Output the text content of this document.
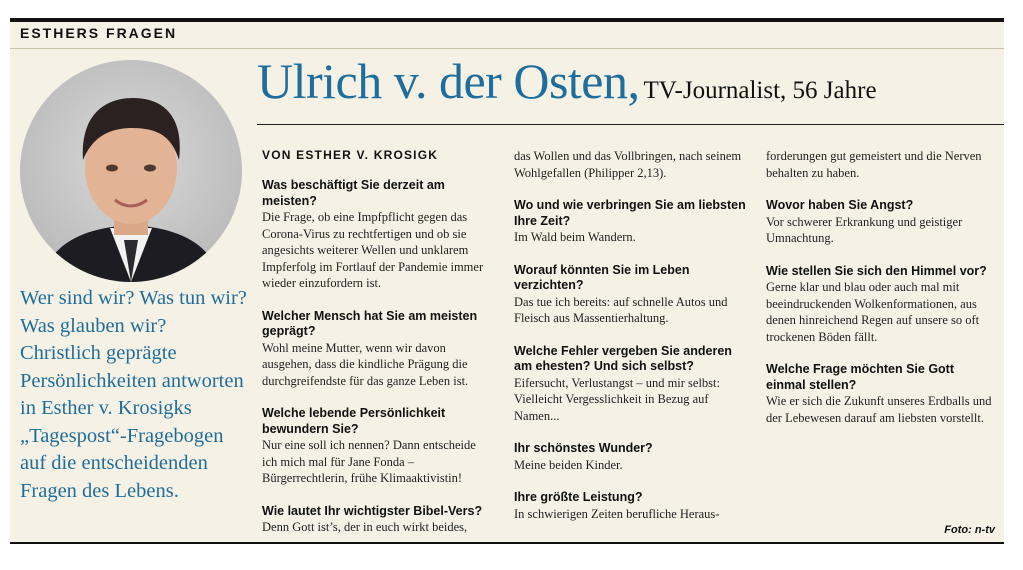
ESTHERS FRAGEN

Wer sind wir? Was tun wir? Was glauben wir? Christlich geprägte Persönlichkeiten antworten in Esther v. Krosigks „Tagespost“-Fragebogen auf die entscheidenden Fragen des Lebens.

Ulrich v. der Osten, TV-Journalist, 56 Jahre

VON ESTHER V. KROSIGK

Was beschäftigt Sie derzeit am meisten?

Die Frage, ob eine Impfpflicht gegen das Corona-Virus zu rechtfertigen und ob sie angesichts weiterer Wellen und unklarem Impferfolg im Fortlauf der Pandemie immer wieder einzufordern ist.

Welcher Mensch hat Sie am meisten geprägt?

Wohl meine Mutter, wenn wir davon ausgehen, dass die kindliche Prägung die durchgreifendste für das ganze Leben ist.

Welche lebende Persönlichkeit bewundern Sie?

Nur eine soll ich nennen? Dann entscheide ich mich mal für Jane Fonda – Bürgerrechtlerin, frühe Klimaaktivistin!

Wie lautet Ihr wichtigster Bibel-Vers?

Denn Gott ist’s, der in euch wirkt beides,

das Wollen und das Vollbringen, nach seinem Wohlgefallen (Philipper 2,13).

Wo und wie verbringen Sie am liebsten Ihre Zeit?

Im Wald beim Wandern.

Worauf könnten Sie im Leben verzichten?

Das tue ich bereits: auf schnelle Autos und Fleisch aus Massentierhaltung.

Welche Fehler vergeben Sie anderen am ehesten? Und sich selbst?

Eifersucht, Verlustangst – und mir selbst: Vielleicht Vergesslichkeit in Bezug auf Namen...

Ihr schönstes Wunder?

Meine beiden Kinder.

Ihre größte Leistung?

In schwierigen Zeiten berufliche Heraus-

forderungen gut gemeistert und die Nerven behalten zu haben.

Wovor haben Sie Angst?

Vor schwerer Erkrankung und geistiger Umnachtung.

Wie stellen Sie sich den Himmel vor?

Gerne klar und blau oder auch mal mit beeindruckenden Wolkenformationen, aus denen hinreichend Regen auf unsere so oft trockenen Böden fällt.

Welche Frage möchten Sie Gott einmal stellen?

Wie er sich die Zukunft unseres Erdballs und der Lebewesen darauf am liebsten vorstellt.

Foto: n-tv
